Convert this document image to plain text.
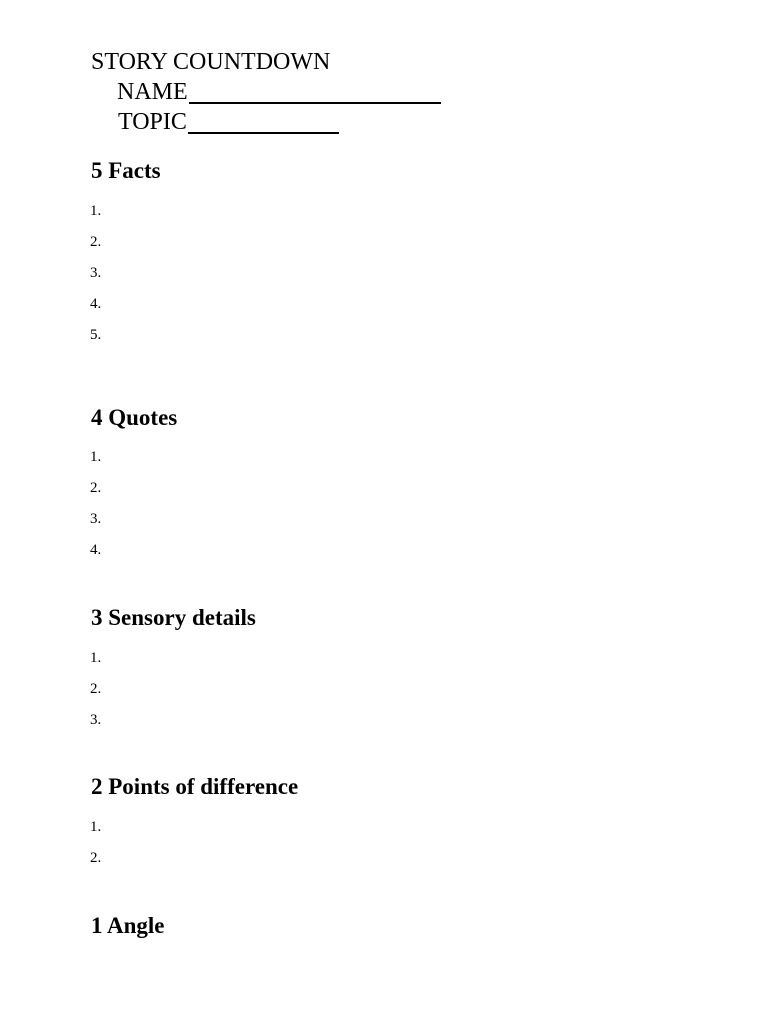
STORY COUNTDOWN
NAME
TOPIC
5 Facts
1.
2.
3.
4.
5.
4 Quotes
1.
2.
3.
4.
3 Sensory details
1.
2.
3.
2 Points of difference
1.
2.
1 Angle
